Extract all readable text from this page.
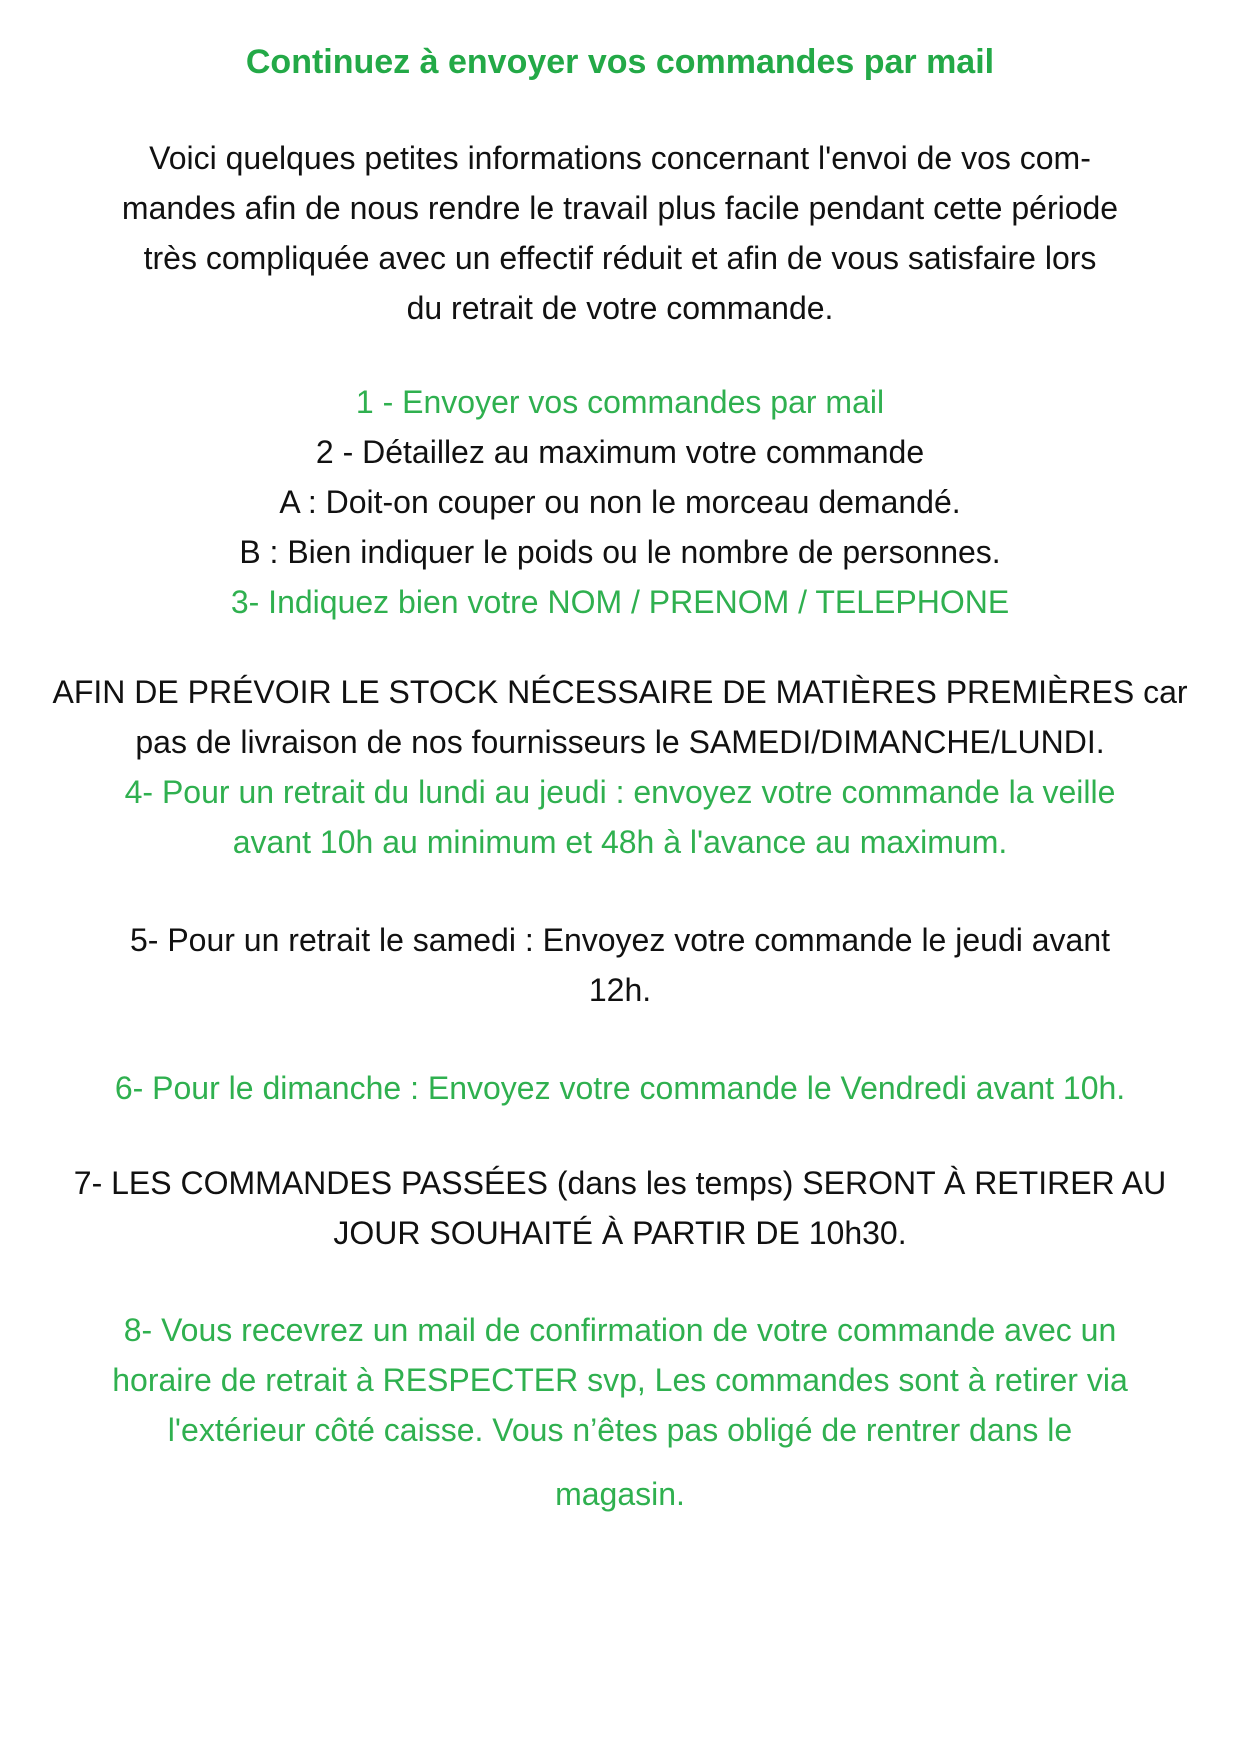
Continuez à envoyer vos commandes par mail
Voici quelques petites informations concernant l'envoi de vos com-
mandes afin de nous rendre le travail plus facile pendant cette période
très compliquée avec un effectif réduit et afin de vous satisfaire lors
du retrait de votre commande.
1 - Envoyer vos commandes par mail
2 - Détaillez au maximum votre commande
A : Doit-on couper ou non le morceau demandé.
B : Bien indiquer le poids ou le nombre de personnes.
3- Indiquez bien votre NOM / PRENOM / TELEPHONE
AFIN DE PRÉVOIR LE STOCK NÉCESSAIRE DE MATIÈRES PREMIÈRES car
pas de livraison de nos fournisseurs le SAMEDI/DIMANCHE/LUNDI.
4- Pour un retrait du lundi au jeudi : envoyez votre commande la veille
avant 10h au minimum et 48h à l'avance au maximum.
5- Pour un retrait le samedi : Envoyez votre commande le jeudi avant
12h.
6- Pour le dimanche : Envoyez votre commande le Vendredi avant 10h.
7- LES COMMANDES PASSÉES (dans les temps) SERONT À RETIRER AU
JOUR SOUHAITÉ À PARTIR DE 10h30.
8- Vous recevrez un mail de confirmation de votre commande avec un
horaire de retrait à RESPECTER svp, Les commandes sont à retirer via
l'extérieur côté caisse. Vous n’êtes pas obligé de rentrer dans le
magasin.
